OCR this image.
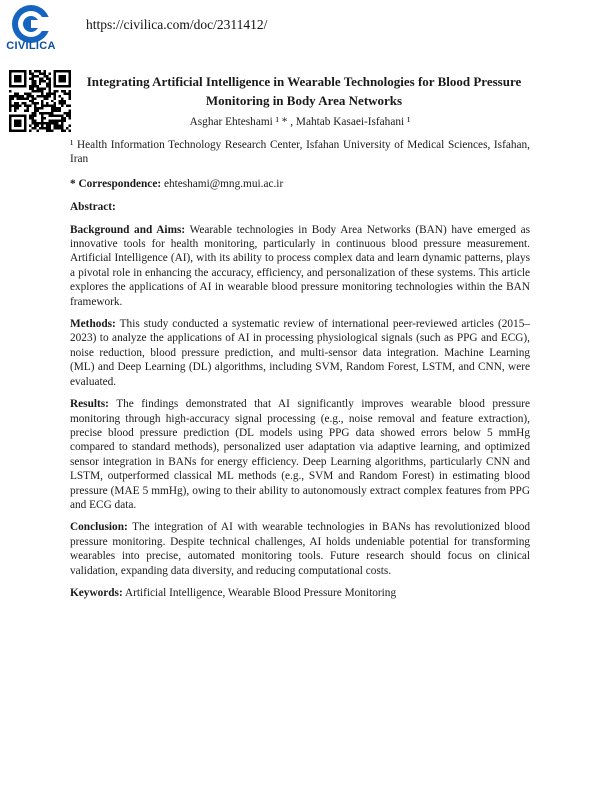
CIVILICA
https://civilica.com/doc/2311412/
Integrating Artificial Intelligence in Wearable Technologies for Blood Pressure Monitoring in Body Area Networks
Asghar Ehteshami ¹ * , Mahtab Kasaei-Isfahani ¹

¹ Health Information Technology Research Center, Isfahan University of Medical Sciences, Isfahan, Iran

* Correspondence: ehteshami@mng.mui.ac.ir

Abstract:

Background and Aims: Wearable technologies in Body Area Networks (BAN) have emerged as innovative tools for health monitoring, particularly in continuous blood pressure measurement. Artificial Intelligence (AI), with its ability to process complex data and learn dynamic patterns, plays a pivotal role in enhancing the accuracy, efficiency, and personalization of these systems. This article explores the applications of AI in wearable blood pressure monitoring technologies within the BAN framework.

Methods: This study conducted a systematic review of international peer-reviewed articles (2015–2023) to analyze the applications of AI in processing physiological signals (such as PPG and ECG), noise reduction, blood pressure prediction, and multi-sensor data integration. Machine Learning (ML) and Deep Learning (DL) algorithms, including SVM, Random Forest, LSTM, and CNN, were evaluated.

Results: The findings demonstrated that AI significantly improves wearable blood pressure monitoring through high-accuracy signal processing (e.g., noise removal and feature extraction), precise blood pressure prediction (DL models using PPG data showed errors below 5 mmHg compared to standard methods), personalized user adaptation via adaptive learning, and optimized sensor integration in BANs for energy efficiency. Deep Learning algorithms, particularly CNN and LSTM, outperformed classical ML methods (e.g., SVM and Random Forest) in estimating blood pressure (MAE 5 mmHg), owing to their ability to autonomously extract complex features from PPG and ECG data.

Conclusion: The integration of AI with wearable technologies in BANs has revolutionized blood pressure monitoring. Despite technical challenges, AI holds undeniable potential for transforming wearables into precise, automated monitoring tools. Future research should focus on clinical validation, expanding data diversity, and reducing computational costs.

Keywords: Artificial Intelligence, Wearable Blood Pressure Monitoring
